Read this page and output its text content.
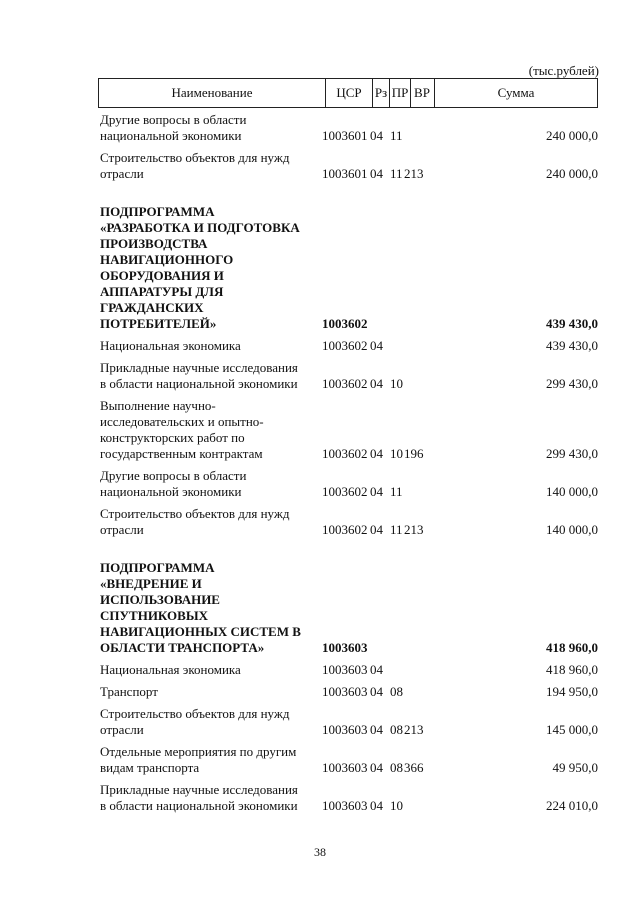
(тыс.рублей)
Наименование	ЦСР	Рз ПР ВР	Сумма
Другие вопросы в области
национальной экономики	1003601 04 11	240 000,0
Строительство объектов для нужд
отрасли	1003601 04 11 213	240 000,0
ПОДПРОГРАММА
«РАЗРАБОТКА И ПОДГОТОВКА
ПРОИЗВОДСТВА
НАВИГАЦИОННОГО
ОБОРУДОВАНИЯ И
АППАРАТУРЫ ДЛЯ
ГРАЖДАНСКИХ
ПОТРЕБИТЕЛЕЙ»	1003602	439 430,0
Национальная экономика	1003602 04	439 430,0
Прикладные научные исследования
в области национальной экономики	1003602 04 10	299 430,0
Выполнение научно-
исследовательских и опытно-
конструкторских работ по
государственным контрактам	1003602 04 10 196	299 430,0
Другие вопросы в области
национальной экономики	1003602 04 11	140 000,0
Строительство объектов для нужд
отрасли	1003602 04 11 213	140 000,0
ПОДПРОГРАММА
«ВНЕДРЕНИЕ И
ИСПОЛЬЗОВАНИЕ
СПУТНИКОВЫХ
НАВИГАЦИОННЫХ СИСТЕМ В
ОБЛАСТИ ТРАНСПОРТА»	1003603	418 960,0
Национальная экономика	1003603 04	418 960,0
Транспорт	1003603 04 08	194 950,0
Строительство объектов для нужд
отрасли	1003603 04 08 213	145 000,0
Отдельные мероприятия по другим
видам транспорта	1003603 04 08 366	49 950,0
Прикладные научные исследования
в области национальной экономики	1003603 04 10	224 010,0
38
